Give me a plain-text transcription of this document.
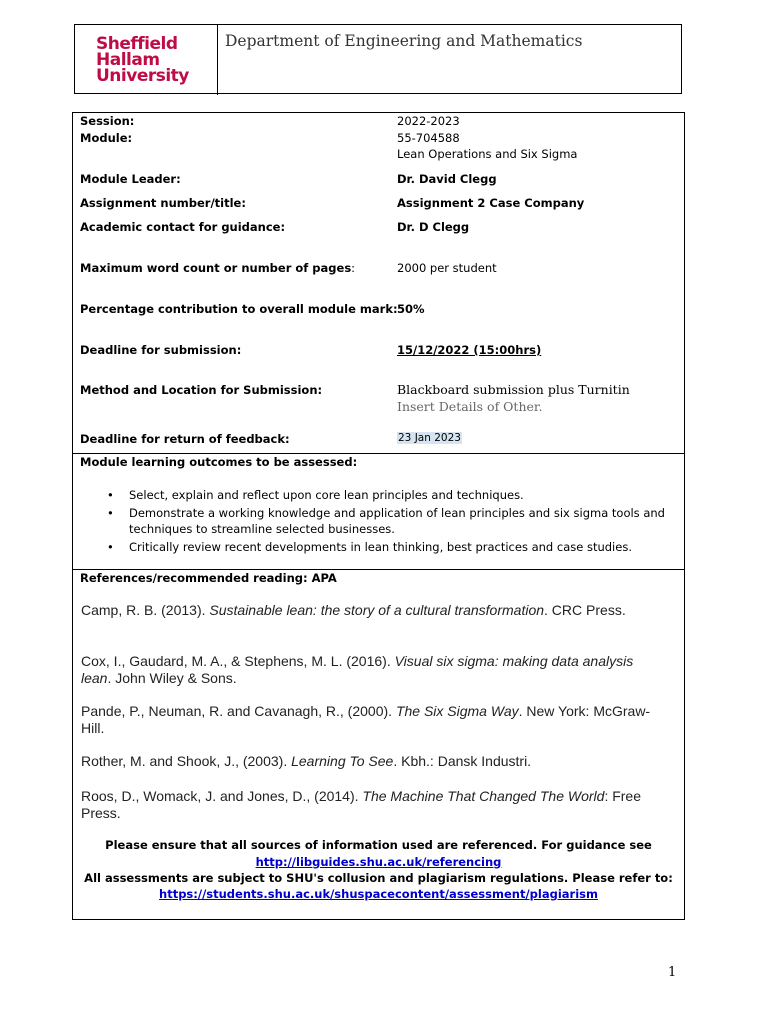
Sheffield
Hallam
University
Department of Engineering and Mathematics
Session:	2022-2023
Module:	55-704588
Lean Operations and Six Sigma
Module Leader:	Dr. David Clegg
Assignment number/title:	Assignment 2 Case Company
Academic contact for guidance:	Dr. D Clegg
Maximum word count or number of pages:	2000 per student
Percentage contribution to overall module mark: 50%
Deadline for submission:	15/12/2022 (15:00hrs)
Method and Location for Submission:	Blackboard submission plus Turnitin
Insert Details of Other.
Deadline for return of feedback:	23 Jan 2023
Module learning outcomes to be assessed:
• Select, explain and reflect upon core lean principles and techniques.
• Demonstrate a working knowledge and application of lean principles and six sigma tools and techniques to streamline selected businesses.
• Critically review recent developments in lean thinking, best practices and case studies.
References/recommended reading: APA
Camp, R. B. (2013). Sustainable lean: the story of a cultural transformation. CRC Press.
Cox, I., Gaudard, M. A., & Stephens, M. L. (2016). Visual six sigma: making data analysis lean. John Wiley & Sons.
Pande, P., Neuman, R. and Cavanagh, R., (2000). The Six Sigma Way. New York: McGraw-Hill.
Rother, M. and Shook, J., (2003). Learning To See. Kbh.: Dansk Industri.
Roos, D., Womack, J. and Jones, D., (2014). The Machine That Changed The World: Free Press.
Please ensure that all sources of information used are referenced. For guidance see
http://libguides.shu.ac.uk/referencing
All assessments are subject to SHU's collusion and plagiarism regulations. Please refer to:
https://students.shu.ac.uk/shuspacecontent/assessment/plagiarism
1
